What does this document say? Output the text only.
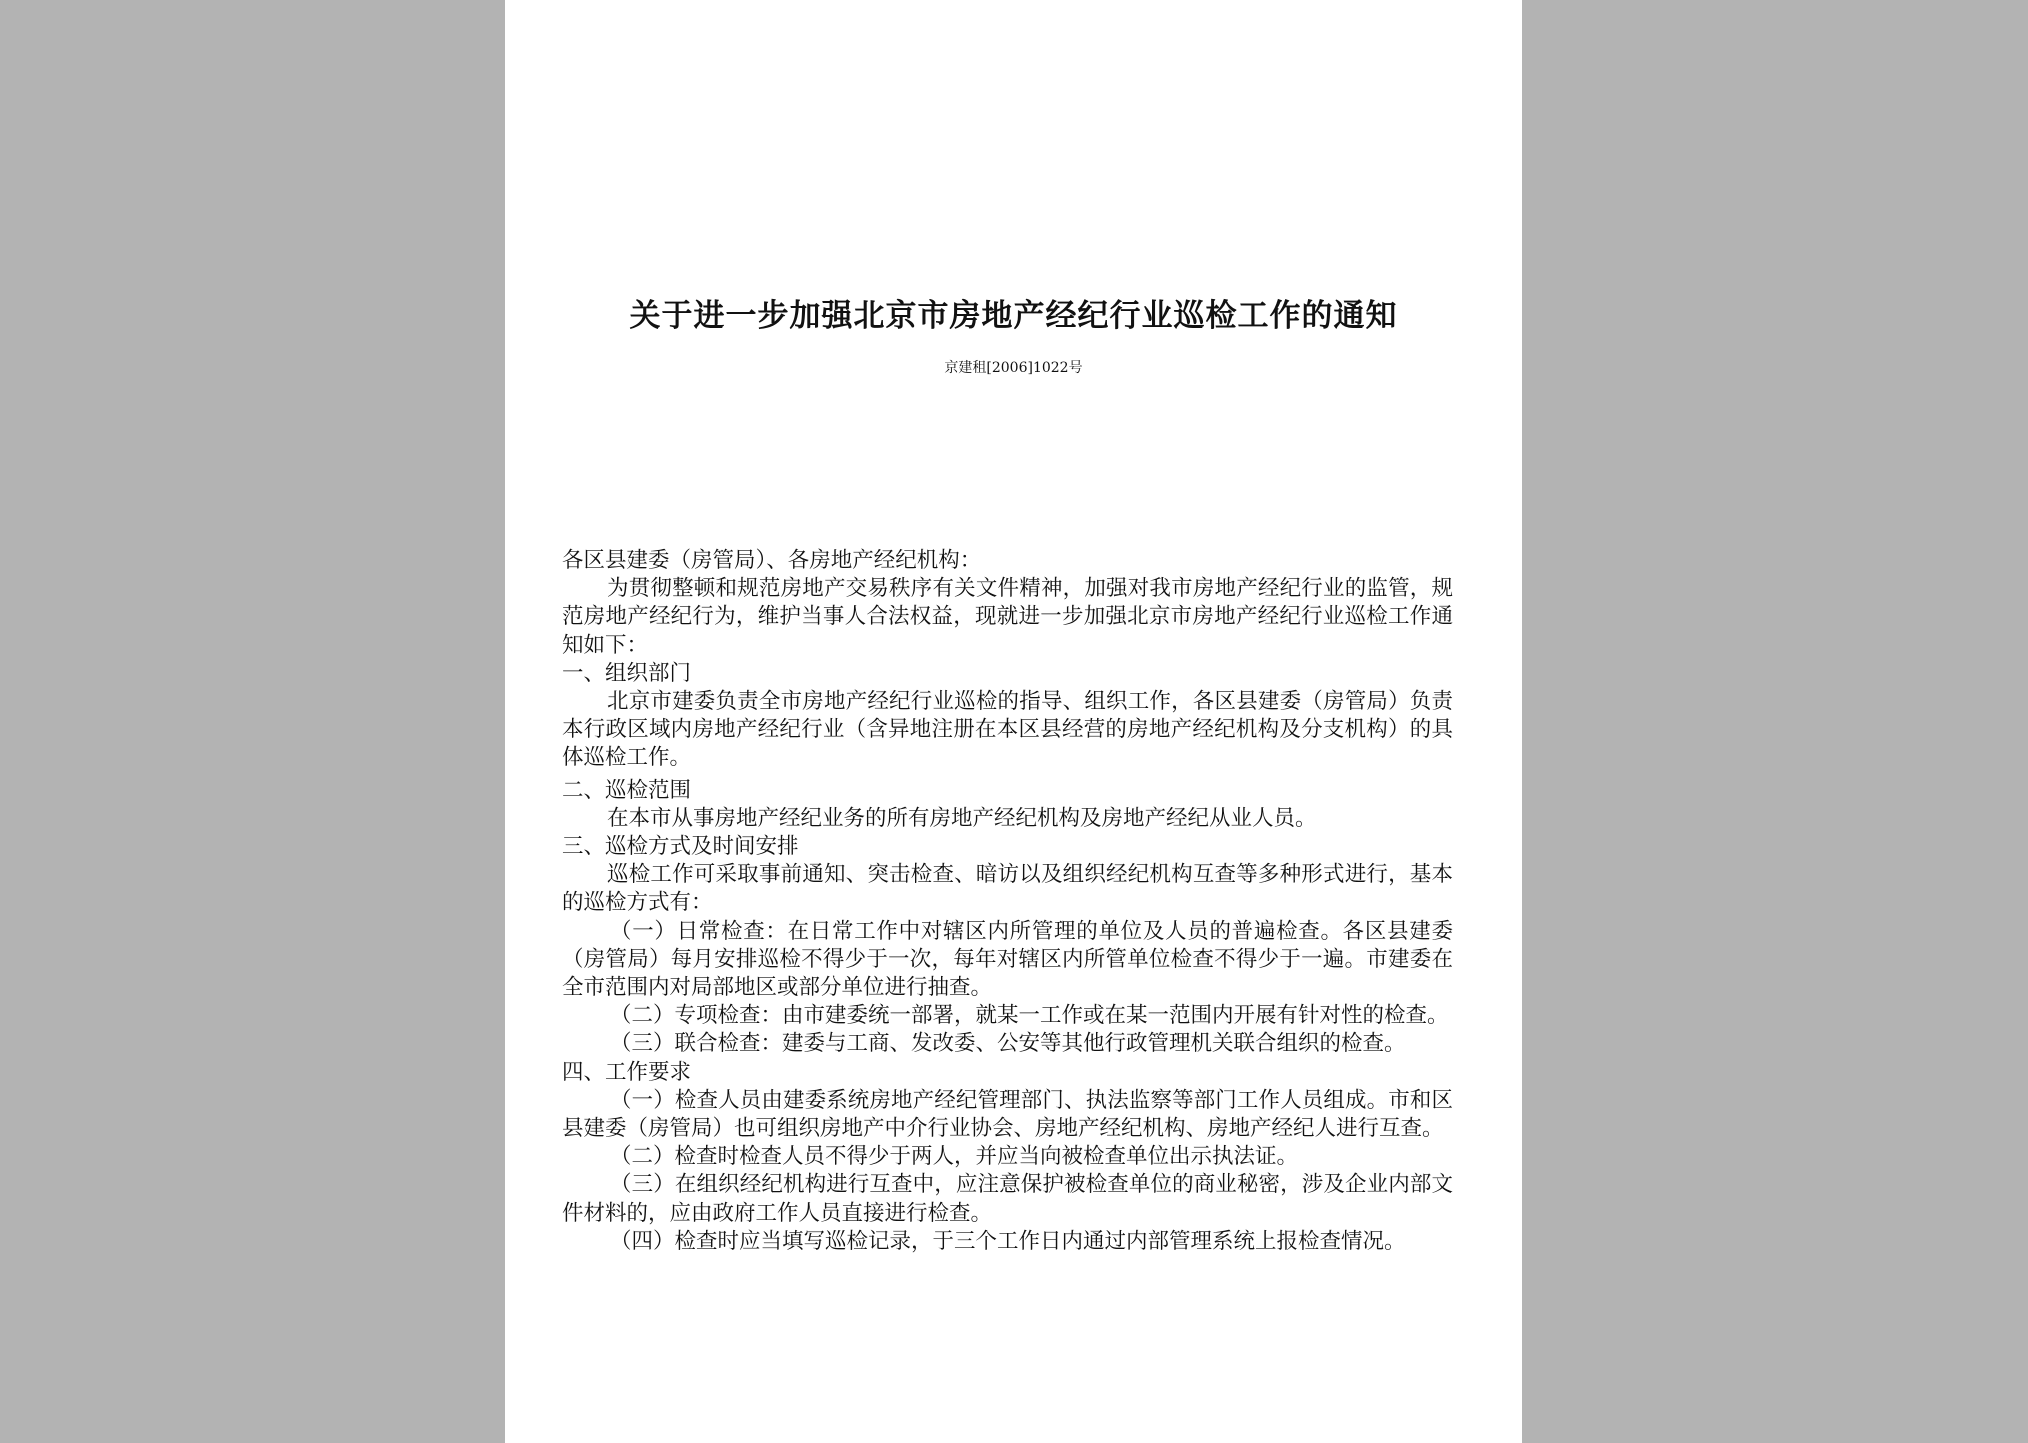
关于进一步加强北京市房地产经纪行业巡检工作的通知
京建租[2006]1022号

各区县建委（房管局）、各房地产经纪机构：

为贯彻整顿和规范房地产交易秩序有关文件精神，加强对我市房地产经纪行业的监管，规范房地产经纪行为，维护当事人合法权益，现就进一步加强北京市房地产经纪行业巡检工作通知如下：

一、组织部门

北京市建委负责全市房地产经纪行业巡检的指导、组织工作，各区县建委（房管局）负责本行政区域内房地产经纪行业（含异地注册在本区县经营的房地产经纪机构及分支机构）的具体巡检工作。

二、巡检范围

在本市从事房地产经纪业务的所有房地产经纪机构及房地产经纪从业人员。

三、巡检方式及时间安排

巡检工作可采取事前通知、突击检查、暗访以及组织经纪机构互查等多种形式进行，基本的巡检方式有：

（一）日常检查：在日常工作中对辖区内所管理的单位及人员的普遍检查。各区县建委（房管局）每月安排巡检不得少于一次，每年对辖区内所管单位检查不得少于一遍。市建委在全市范围内对局部地区或部分单位进行抽查。

（二）专项检查：由市建委统一部署，就某一工作或在某一范围内开展有针对性的检查。

（三）联合检查：建委与工商、发改委、公安等其他行政管理机关联合组织的检查。

四、工作要求

（一）检查人员由建委系统房地产经纪管理部门、执法监察等部门工作人员组成。市和区县建委（房管局）也可组织房地产中介行业协会、房地产经纪机构、房地产经纪人进行互查。

（二）检查时检查人员不得少于两人，并应当向被检查单位出示执法证。

（三）在组织经纪机构进行互查中，应注意保护被检查单位的商业秘密，涉及企业内部文件材料的，应由政府工作人员直接进行检查。

（四）检查时应当填写巡检记录，于三个工作日内通过内部管理系统上报检查情况。
